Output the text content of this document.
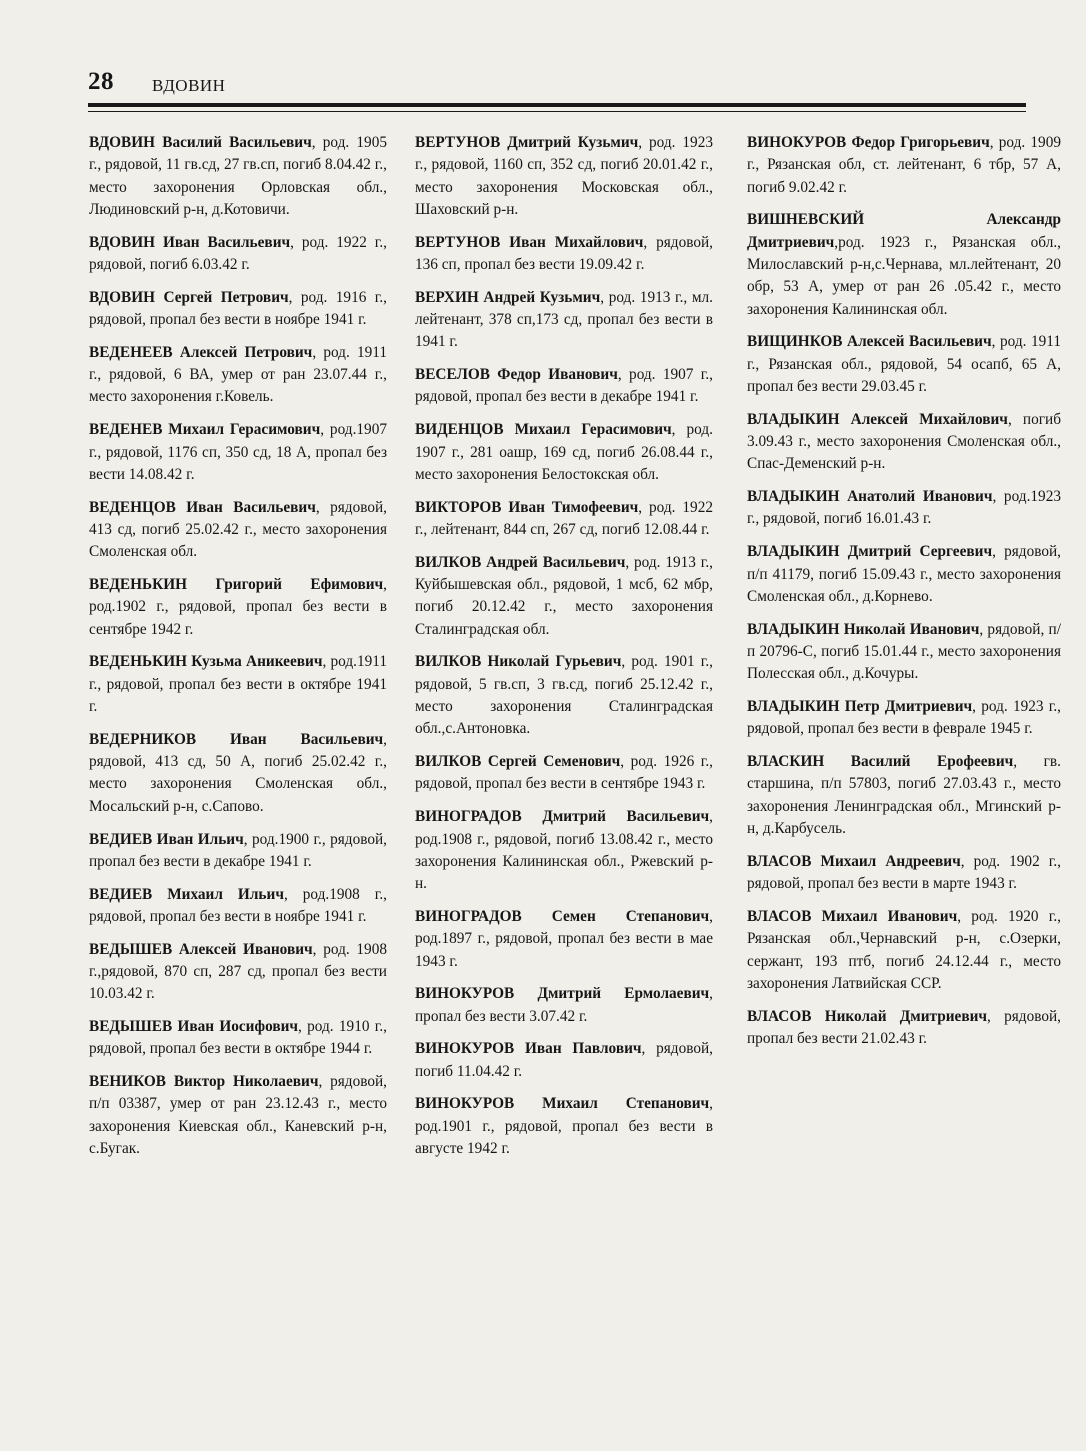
28 ВДОВИН
ВДОВИН Василий Васильевич, род. 1905 г., рядовой, 11 гв.сд, 27 гв.сп, погиб 8.04.42 г., место захоронения Орловская обл., Людиновский р-н, д.Котовичи.
ВДОВИН Иван Васильевич, род. 1922 г., рядовой, погиб 6.03.42 г.
ВДОВИН Сергей Петрович, род. 1916 г., рядовой, пропал без вести в ноябре 1941 г.
ВЕДЕНЕЕВ Алексей Петрович, род. 1911 г., рядовой, 6 ВА, умер от ран 23.07.44 г., место захоронения г.Ковель.
ВЕДЕНЕВ Михаил Герасимович, род.1907 г., рядовой, 1176 сп, 350 сд, 18 А, пропал без вести 14.08.42 г.
ВЕДЕНЦОВ Иван Васильевич, рядовой, 413 сд, погиб 25.02.42 г., место захоронения Смоленская обл.
ВЕДЕНЬКИН Григорий Ефимович, род.1902 г., рядовой, пропал без вести в сентябре 1942 г.
ВЕДЕНЬКИН Кузьма Аникеевич, род.1911 г., рядовой, пропал без вести в октябре 1941 г.
ВЕДЕРНИКОВ Иван Васильевич, рядовой, 413 сд, 50 А, погиб 25.02.42 г., место захоронения Смоленская обл., Мосальский р-н, с.Сапово.
ВЕДИЕВ Иван Ильич, род.1900 г., рядовой, пропал без вести в декабре 1941 г.
ВЕДИЕВ Михаил Ильич, род.1908 г., рядовой, пропал без вести в ноябре 1941 г.
ВЕДЫШЕВ Алексей Иванович, род. 1908 г.,рядовой, 870 сп, 287 сд, пропал без вести 10.03.42 г.
ВЕДЫШЕВ Иван Иосифович, род. 1910 г., рядовой, пропал без вести в октябре 1944 г.
ВЕНИКОВ Виктор Николаевич, рядовой, п/п 03387, умер от ран 23.12.43 г., место захоронения Киевская обл., Каневский р-н, с.Бугак.
ВЕРТУНОВ Дмитрий Кузьмич, род. 1923 г., рядовой, 1160 сп, 352 сд, погиб 20.01.42 г., место захоронения Московская обл., Шаховский р-н.
ВЕРТУНОВ Иван Михайлович, рядовой, 136 сп, пропал без вести 19.09.42 г.
ВЕРХИН Андрей Кузьмич, род. 1913 г., мл. лейтенант, 378 сп,173 сд, пропал без вести в 1941 г.
ВЕСЕЛОВ Федор Иванович, род. 1907 г., рядовой, пропал без вести в декабре 1941 г.
ВИДЕНЦОВ Михаил Герасимович, род. 1907 г., 281 оашр, 169 сд, погиб 26.08.44 г., место захоронения Белостокская обл.
ВИКТОРОВ Иван Тимофеевич, род. 1922 г., лейтенант, 844 сп, 267 сд, погиб 12.08.44 г.
ВИЛКОВ Андрей Васильевич, род. 1913 г., Куйбышевская обл., рядовой, 1 мсб, 62 мбр, погиб 20.12.42 г., место захоронения Сталинградская обл.
ВИЛКОВ Николай Гурьевич, род. 1901 г., рядовой, 5 гв.сп, 3 гв.сд, погиб 25.12.42 г., место захоронения Сталинградская обл.,с.Антоновка.
ВИЛКОВ Сергей Семенович, род. 1926 г., рядовой, пропал без вести в сентябре 1943 г.
ВИНОГРАДОВ Дмитрий Васильевич, род.1908 г., рядовой, погиб 13.08.42 г., место захоронения Калининская обл., Ржевский р-н.
ВИНОГРАДОВ Семен Степанович, род.1897 г., рядовой, пропал без вести в мае 1943 г.
ВИНОКУРОВ Дмитрий Ермолаевич, пропал без вести 3.07.42 г.
ВИНОКУРОВ Иван Павлович, рядовой, погиб 11.04.42 г.
ВИНОКУРОВ Михаил Степанович, род.1901 г., рядовой, пропал без вести в августе 1942 г.
ВИНОКУРОВ Федор Григорьевич, род. 1909 г., Рязанская обл, ст. лейтенант, 6 тбр, 57 А, погиб 9.02.42 г.
ВИШНЕВСКИЙ Александр Дмитриевич,род. 1923 г., Рязанская обл., Милославский р-н,с.Чернава, мл.лейтенант, 20 обр, 53 А, умер от ран 26 .05.42 г., место захоронения Калининская обл.
ВИЩИНКОВ Алексей Васильевич, род. 1911 г., Рязанская обл., рядовой, 54 осапб, 65 А, пропал без вести 29.03.45 г.
ВЛАДЫКИН Алексей Михайлович, погиб 3.09.43 г., место захоронения Смоленская обл., Спас-Деменский р-н.
ВЛАДЫКИН Анатолий Иванович, род.1923 г., рядовой, погиб 16.01.43 г.
ВЛАДЫКИН Дмитрий Сергеевич, рядовой, п/п 41179, погиб 15.09.43 г., место захоронения Смоленская обл., д.Корнево.
ВЛАДЫКИН Николай Иванович, рядовой, п/п 20796-С, погиб 15.01.44 г., место захоронения Полесская обл., д.Кочуры.
ВЛАДЫКИН Петр Дмитриевич, род. 1923 г., рядовой, пропал без вести в феврале 1945 г.
ВЛАСКИН Василий Ерофеевич, гв. старшина, п/п 57803, погиб 27.03.43 г., место захоронения Ленинградская обл., Мгинский р-н, д.Карбусель.
ВЛАСОВ Михаил Андреевич, род. 1902 г., рядовой, пропал без вести в марте 1943 г.
ВЛАСОВ Михаил Иванович, род. 1920 г., Рязанская обл.,Чернавский р-н, с.Озерки, сержант, 193 птб, погиб 24.12.44 г., место захоронения Латвийская ССР.
ВЛАСОВ Николай Дмитриевич, рядовой, пропал без вести 21.02.43 г.
